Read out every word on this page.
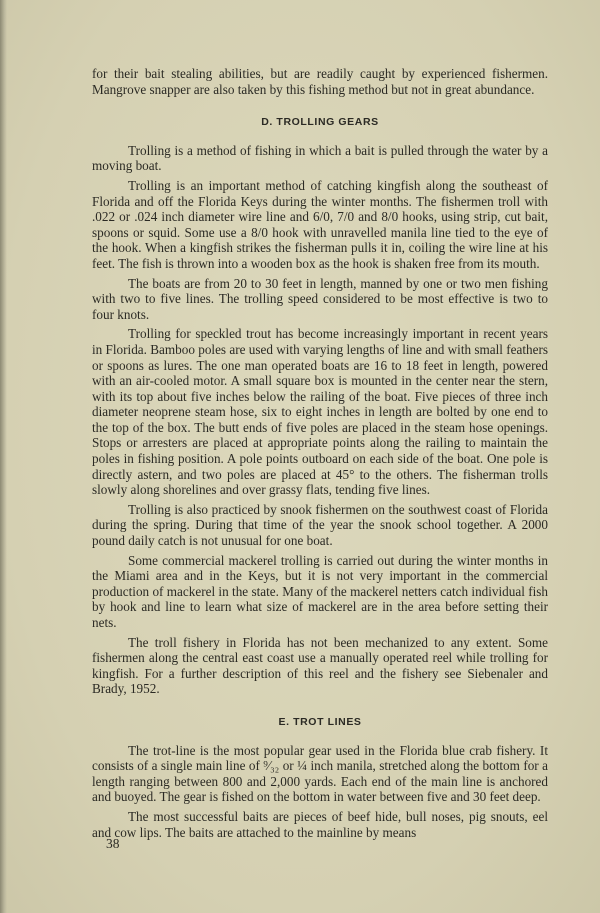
for their bait stealing abilities, but are readily caught by experienced fishermen. Mangrove snapper are also taken by this fishing method but not in great abundance.

D. TROLLING GEARS

Trolling is a method of fishing in which a bait is pulled through the water by a moving boat.

Trolling is an important method of catching kingfish along the southeast of Florida and off the Florida Keys during the winter months. The fishermen troll with .022 or .024 inch diameter wire line and 6/0, 7/0 and 8/0 hooks, using strip, cut bait, spoons or squid. Some use a 8/0 hook with unravelled manila line tied to the eye of the hook. When a kingfish strikes the fisherman pulls it in, coiling the wire line at his feet. The fish is thrown into a wooden box as the hook is shaken free from its mouth.

The boats are from 20 to 30 feet in length, manned by one or two men fishing with two to five lines. The trolling speed considered to be most effective is two to four knots.

Trolling for speckled trout has become increasingly important in recent years in Florida. Bamboo poles are used with varying lengths of line and with small feathers or spoons as lures. The one man operated boats are 16 to 18 feet in length, powered with an air-cooled motor. A small square box is mounted in the center near the stern, with its top about five inches below the railing of the boat. Five pieces of three inch diameter neoprene steam hose, six to eight inches in length are bolted by one end to the top of the box. The butt ends of five poles are placed in the steam hose openings. Stops or arresters are placed at appropriate points along the railing to maintain the poles in fishing position. A pole points outboard on each side of the boat. One pole is directly astern, and two poles are placed at 45° to the others. The fisherman trolls slowly along shorelines and over grassy flats, tending five lines.

Trolling is also practiced by snook fishermen on the southwest coast of Florida during the spring. During that time of the year the snook school together. A 2000 pound daily catch is not unusual for one boat.

Some commercial mackerel trolling is carried out during the winter months in the Miami area and in the Keys, but it is not very important in the commercial production of mackerel in the state. Many of the mackerel netters catch individual fish by hook and line to learn what size of mackerel are in the area before setting their nets.

The troll fishery in Florida has not been mechanized to any extent. Some fishermen along the central east coast use a manually operated reel while trolling for kingfish. For a further description of this reel and the fishery see Siebenaler and Brady, 1952.

E. TROT LINES

The trot-line is the most popular gear used in the Florida blue crab fishery. It consists of a single main line of ⁹⁄₃₂ or ¼ inch manila, stretched along the bottom for a length ranging between 800 and 2,000 yards. Each end of the main line is anchored and buoyed. The gear is fished on the bottom in water between five and 30 feet deep.

The most successful baits are pieces of beef hide, bull noses, pig snouts, eel and cow lips. The baits are attached to the mainline by means

38
